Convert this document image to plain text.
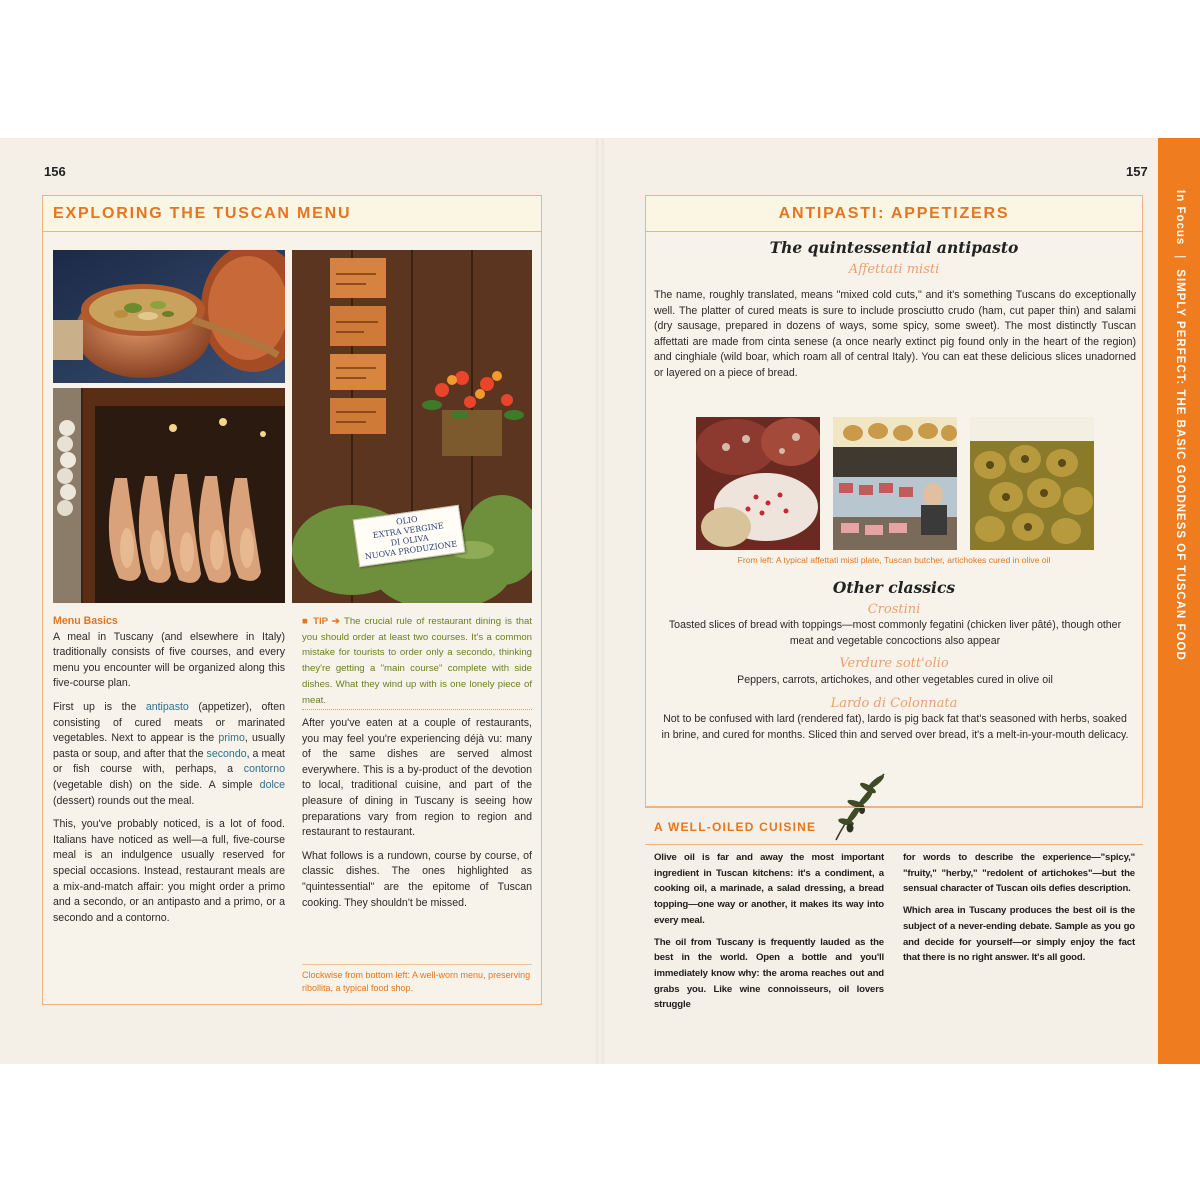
156
EXPLORING THE TUSCAN MENU
OLIO
EXTRA VERGINE
DI OLIVA
NUOVA PRODUZIONE
Menu Basics

A meal in Tuscany (and elsewhere in Italy) traditionally consists of five courses, and every menu you encounter will be organized along this five-course plan.

First up is the antipasto (appetizer), often consisting of cured meats or marinated vegetables. Next to appear is the primo, usually pasta or soup, and after that the secondo, a meat or fish course with, perhaps, a contorno (vegetable dish) on the side. A simple dolce (dessert) rounds out the meal.

This, you've probably noticed, is a lot of food. Italians have noticed as well—a full, five-course meal is an indulgence usually reserved for special occasions. Instead, restaurant meals are a mix-and-match affair: you might order a primo and a secondo, or an antipasto and a primo, or a secondo and a contorno.

■ TIP ➔ The crucial rule of restaurant dining is that you should order at least two courses. It's a common mistake for tourists to order only a secondo, thinking they're getting a "main course" complete with side dishes. What they wind up with is one lonely piece of meat.

After you've eaten at a couple of restaurants, you may feel you're experiencing déjà vu: many of the same dishes are served almost everywhere. This is a by-product of the devotion to local, traditional cuisine, and part of the pleasure of dining in Tuscany is seeing how preparations vary from region to region and restaurant to restaurant.

What follows is a rundown, course by course, of classic dishes. The ones highlighted as "quintessential" are the epitome of Tuscan cooking. They shouldn't be missed.

Clockwise from bottom left: A well-worn menu, preserving ribollita, a typical food shop.
157
ANTIPASTI: APPETIZERS
The quintessential antipasto
Affettati misti
The name, roughly translated, means "mixed cold cuts," and it's something Tuscans do exceptionally well. The platter of cured meats is sure to include prosciutto crudo (ham, cut paper thin) and salami (dry sausage, prepared in dozens of ways, some spicy, some sweet). The most distinctly Tuscan affettati are made from cinta senese (a once nearly extinct pig found only in the heart of the region) and cinghiale (wild boar, which roam all of central Italy). You can eat these delicious slices unadorned or layered on a piece of bread.
From left: A typical affettati misti plate, Tuscan butcher, artichokes cured in olive oil
Other classics
Crostini
Toasted slices of bread with toppings—most commonly fegatini (chicken liver pâté), though other meat and vegetable concoctions also appear
Verdure sott'olio
Peppers, carrots, artichokes, and other vegetables cured in olive oil
Lardo di Colonnata
Not to be confused with lard (rendered fat), lardo is pig back fat that's seasoned with herbs, soaked in brine, and cured for months. Sliced thin and served over bread, it's a melt-in-your-mouth delicacy.
A WELL-OILED CUISINE

Olive oil is far and away the most important ingredient in Tuscan kitchens: it's a condiment, a cooking oil, a marinade, a salad dressing, a bread topping—one way or another, it makes its way into every meal.

The oil from Tuscany is frequently lauded as the best in the world. Open a bottle and you'll immediately know why: the aroma reaches out and grabs you. Like wine connoisseurs, oil lovers struggle

for words to describe the experience—"spicy," "fruity," "herby," "redolent of artichokes"—but the sensual character of Tuscan oils defies description.

Which area in Tuscany produces the best oil is the subject of a never-ending debate. Sample as you go and decide for yourself—or simply enjoy the fact that there is no right answer. It's all good.

In Focus|SIMPLY PERFECT: THE BASIC GOODNESS OF TUSCAN FOOD
